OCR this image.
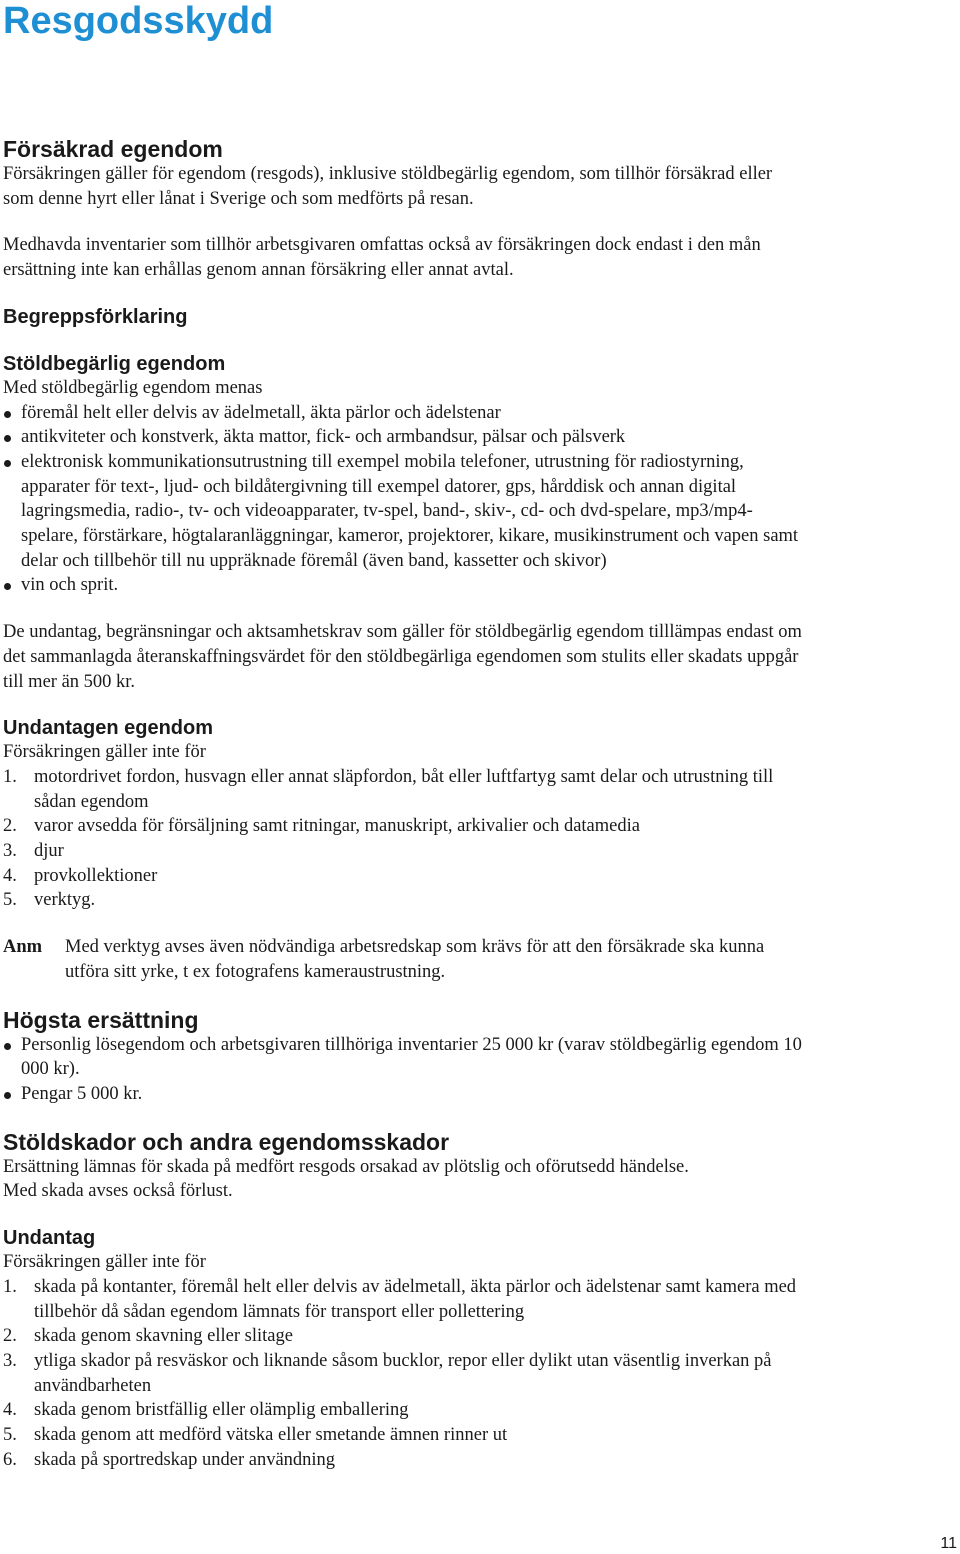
Resgodsskydd
Försäkrad egendom

Försäkringen gäller för egendom (resgods), inklusive stöldbegärlig egendom, som tillhör försäkrad eller som denne hyrt eller lånat i Sverige och som medförts på resan.

Medhavda inventarier som tillhör arbetsgivaren omfattas också av försäkringen dock endast i den mån ersättning inte kan erhållas genom annan försäkring eller annat avtal.

Begreppsförklaring
Stöldbegärlig egendom

Med stöldbegärlig egendom menas

föremål helt eller delvis av ädelmetall, äkta pärlor och ädelstenar
antikviteter och konstverk, äkta mattor, fick- och armbandsur, pälsar och pälsverk
elektronisk kommunikationsutrustning till exempel mobila telefoner, utrustning för radiostyrning, apparater för text-, ljud- och bildåtergivning till exempel datorer, gps, hårddisk och annan digital lagringsmedia, radio-, tv- och videoapparater, tv-spel, band-, skiv-, cd- och dvd-spelare, mp3/mp4-spelare, förstärkare, högtalaranläggningar, kameror, projektorer, kikare, musikinstrument och vapen samt delar och tillbehör till nu uppräknade föremål (även band, kassetter och skivor)
vin och sprit.

De undantag, begränsningar och aktsamhetskrav som gäller för stöldbegärlig egendom tilllämpas endast om det sammanlagda återanskaffningsvärdet för den stöldbegärliga egendomen som stulits eller skadats uppgår till mer än 500 kr.

Undantagen egendom

Försäkringen gäller inte för

1. motordrivet fordon, husvagn eller annat släpfordon, båt eller luftfartyg samt delar och utrustning till sådan egendom
2. varor avsedda för försäljning samt ritningar, manuskript, arkivalier och datamedia
3. djur
4. provkollektioner
5. verktyg.
Anm	Med verktyg avses även nödvändiga arbetsredskap som krävs för att den försäkrade ska kunna utföra sitt yrke, t ex fotografens kameraustrustning.

Högsta ersättning
Personlig lösegendom och arbetsgivaren tillhöriga inventarier 25 000 kr (varav stöldbegärlig egendom 10 000 kr).
Pengar 5 000 kr.
Stöldskador och andra egendomsskador

Ersättning lämnas för skada på medfört resgods orsakad av plötslig och oförutsedd händelse.

Med skada avses också förlust.

Undantag

Försäkringen gäller inte för

1. skada på kontanter, föremål helt eller delvis av ädelmetall, äkta pärlor och ädelstenar samt kamera med tillbehör då sådan egendom lämnats för transport eller pollettering
2. skada genom skavning eller slitage
3. ytliga skador på resväskor och liknande såsom bucklor, repor eller dylikt utan väsentlig inverkan på användbarheten
4. skada genom bristfällig eller olämplig emballering
5. skada genom att medförd vätska eller smetande ämnen rinner ut
6. skada på sportredskap under användning
11
